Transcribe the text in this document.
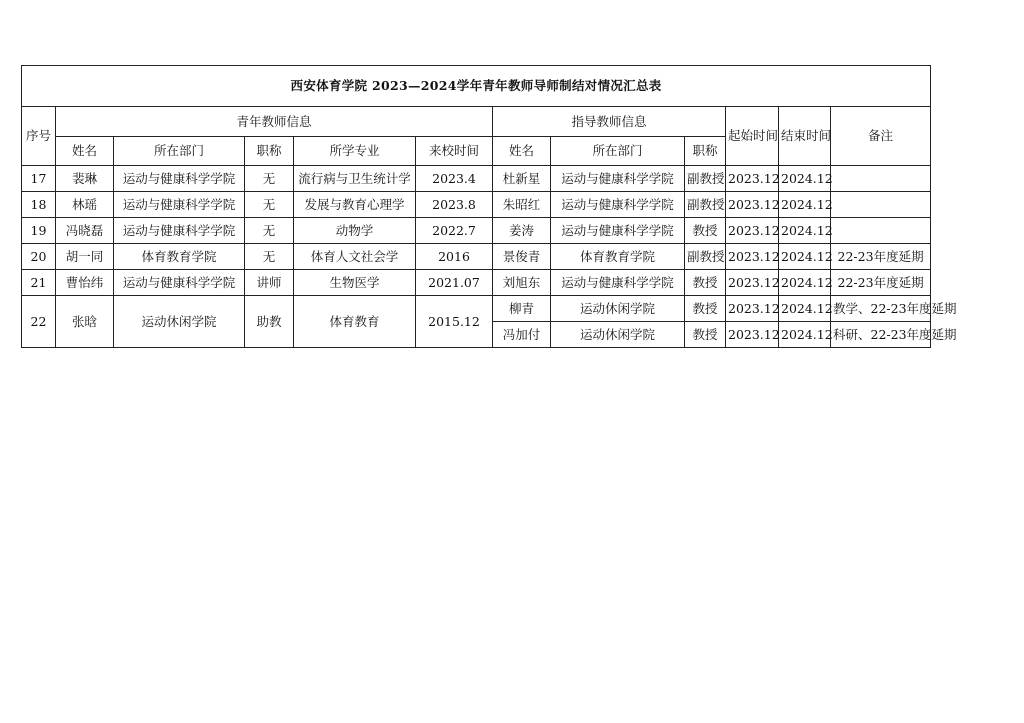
西安体育学院 2023—2024学年青年教师导师制结对情况汇总表											
序号	青年教师信息					指导教师信息			起始时间	结束时间	备注
	姓名	所在部门	职称	所学专业	来校时间	姓名	所在部门	职称			
17	裴琳	运动与健康科学学院	无	流行病与卫生统计学	2023.4	杜新星	运动与健康科学学院	副教授	2023.12	2024.12	
18	林瑶	运动与健康科学学院	无	发展与教育心理学	2023.8	朱昭红	运动与健康科学学院	副教授	2023.12	2024.12	
19	冯晓磊	运动与健康科学学院	无	动物学	2022.7	姜涛	运动与健康科学学院	教授	2023.12	2024.12	
20	胡一同	体育教育学院	无	体育人文社会学	2016	景俊青	体育教育学院	副教授	2023.12	2024.12	22-23年度延期
21	曹怡纬	运动与健康科学学院	讲师	生物医学	2021.07	刘旭东	运动与健康科学学院	教授	2023.12	2024.12	22-23年度延期
22	张晗	运动休闲学院	助教	体育教育	2015.12	柳青	运动休闲学院	教授	2023.12	2024.12	教学、22-23年度延期
						冯加付	运动休闲学院	教授	2023.12	2024.12	科研、22-23年度延期
